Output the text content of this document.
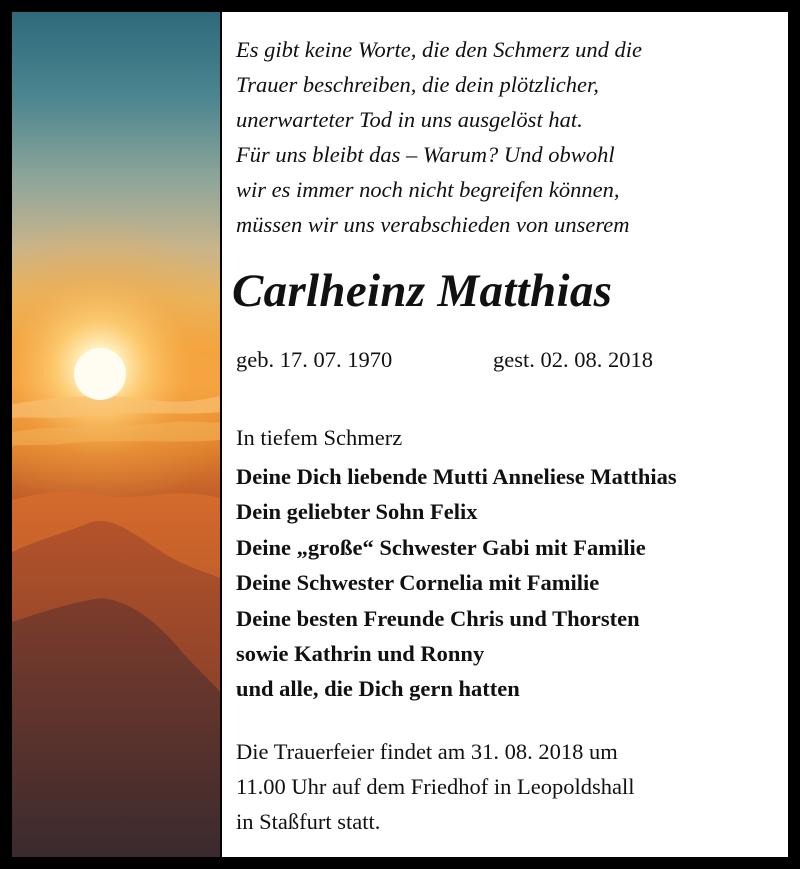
Es gibt keine Worte, die den Schmerz und die
Trauer beschreiben, die dein plötzlicher,
unerwarteter Tod in uns ausgelöst hat.
Für uns bleibt das – Warum? Und obwohl
wir es immer noch nicht begreifen können,
müssen wir uns verabschieden von unserem
Carlheinz Matthias
geb. 17. 07. 1970	gest. 02. 08. 2018
In tiefem Schmerz
Deine Dich liebende Mutti Anneliese Matthias
Dein geliebter Sohn Felix
Deine „große“ Schwester Gabi mit Familie
Deine Schwester Cornelia mit Familie
Deine besten Freunde Chris und Thorsten
sowie Kathrin und Ronny
und alle, die Dich gern hatten
Die Trauerfeier findet am 31. 08. 2018 um
11.00 Uhr auf dem Friedhof in Leopoldshall
in Staßfurt statt.
